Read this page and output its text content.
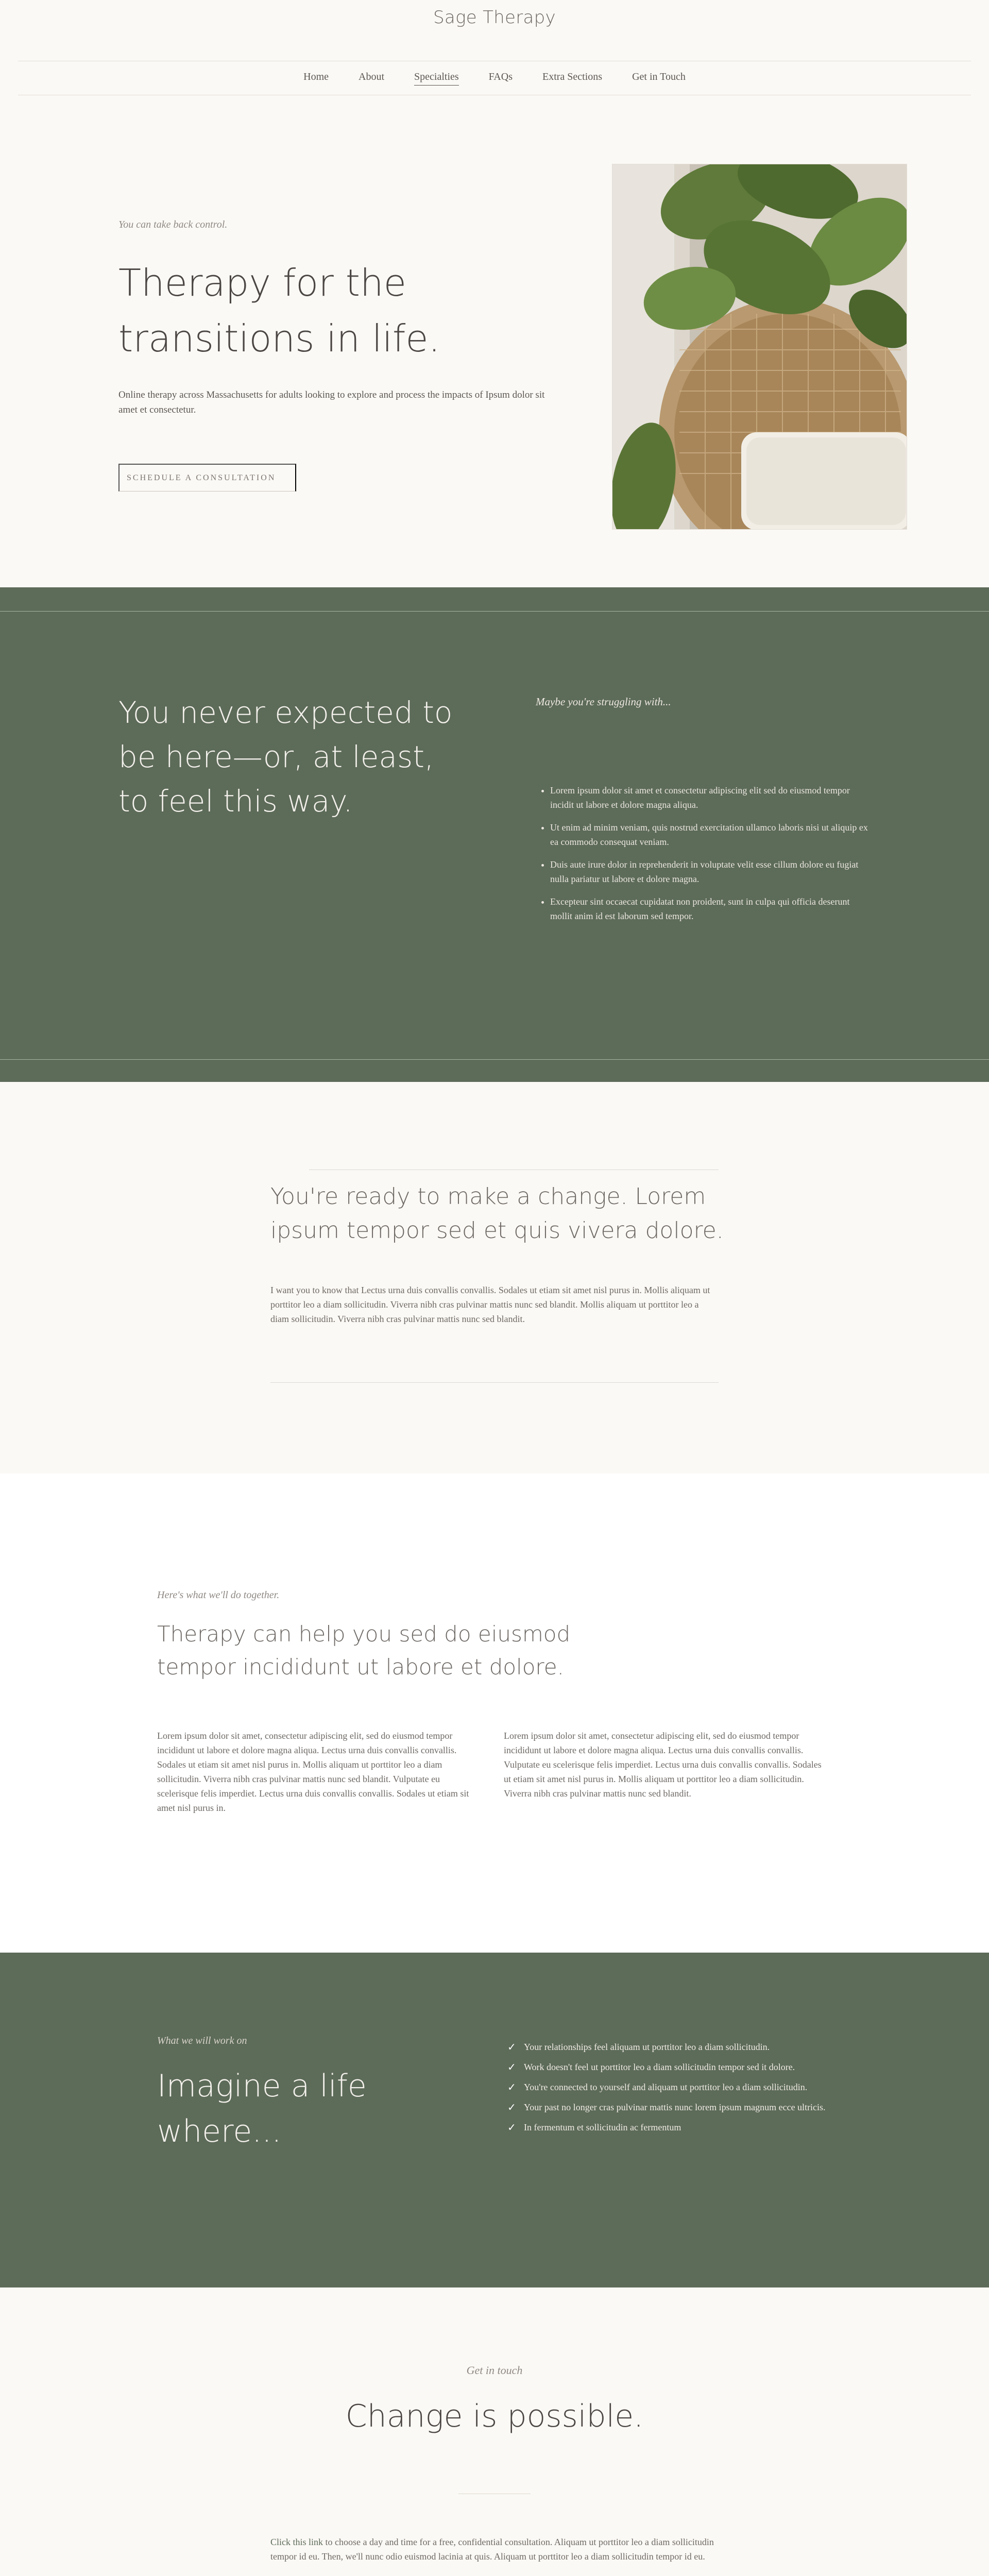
Sage Therapy
Home	About	Specialties	FAQs	Extra Sections	Get in Touch
You can take back control.
Therapy for the transitions in life.

Online therapy across Massachusetts for adults looking to explore and process the impacts of Ipsum dolor sit amet et consectetur.

SCHEDULE A CONSULTATION
You never expected to be here—or, at least, to feel this way.
Maybe you're struggling with...
• Lorem ipsum dolor sit amet et consectetur adipiscing elit sed do eiusmod tempor incidit ut labore et dolore magna aliqua.
• Ut enim ad minim veniam, quis nostrud exercitation ullamco laboris nisi ut aliquip ex ea commodo consequat veniam.
• Duis aute irure dolor in reprehenderit in voluptate velit esse cillum dolore eu fugiat nulla pariatur ut labore et dolore magna.
• Excepteur sint occaecat cupidatat non proident, sunt in culpa qui officia deserunt mollit anim id est laborum sed tempor.
You're ready to make a change. Lorem ipsum tempor sed et quis vivera dolore.

I want you to know that Lectus urna duis convallis convallis. Sodales ut etiam sit amet nisl purus in. Mollis aliquam ut porttitor leo a diam sollicitudin. Viverra nibh cras pulvinar mattis nunc sed blandit. Mollis aliquam ut porttitor leo a diam sollicitudin. Viverra nibh cras pulvinar mattis nunc sed blandit.

Here's what we'll do together.
Therapy can help you sed do eiusmod tempor incididunt ut labore et dolore.

Lorem ipsum dolor sit amet, consectetur adipiscing elit, sed do eiusmod tempor incididunt ut labore et dolore magna aliqua. Lectus urna duis convallis convallis. Sodales ut etiam sit amet nisl purus in. Mollis aliquam ut porttitor leo a diam sollicitudin. Viverra nibh cras pulvinar mattis nunc sed blandit. Vulputate eu scelerisque felis imperdiet. Lectus urna duis convallis convallis. Sodales ut etiam sit amet nisl purus in.

Lorem ipsum dolor sit amet, consectetur adipiscing elit, sed do eiusmod tempor incididunt ut labore et dolore magna aliqua. Lectus urna duis convallis convallis. Vulputate eu scelerisque felis imperdiet. Lectus urna duis convallis convallis. Sodales ut etiam sit amet nisl purus in. Mollis aliquam ut porttitor leo a diam sollicitudin. Viverra nibh cras pulvinar mattis nunc sed blandit.

What we will work on
Imagine a life where...
✓ Your relationships feel aliquam ut porttitor leo a diam sollicitudin.
✓ Work doesn't feel ut porttitor leo a diam sollicitudin tempor sed it dolore.
✓ You're connected to yourself and aliquam ut porttitor leo a diam sollicitudin.
✓ Your past no longer cras pulvinar mattis nunc lorem ipsum magnum ecce ultricis.
✓ In fermentum et sollicitudin ac fermentum
Get in touch
Change is possible.

Click this link to choose a day and time for a free, confidential consultation. Aliquam ut porttitor leo a diam sollicitudin tempor id eu. Then, we'll nunc odio euismod lacinia at quis. Aliquam ut porttitor leo a diam sollicitudin tempor id eu.
